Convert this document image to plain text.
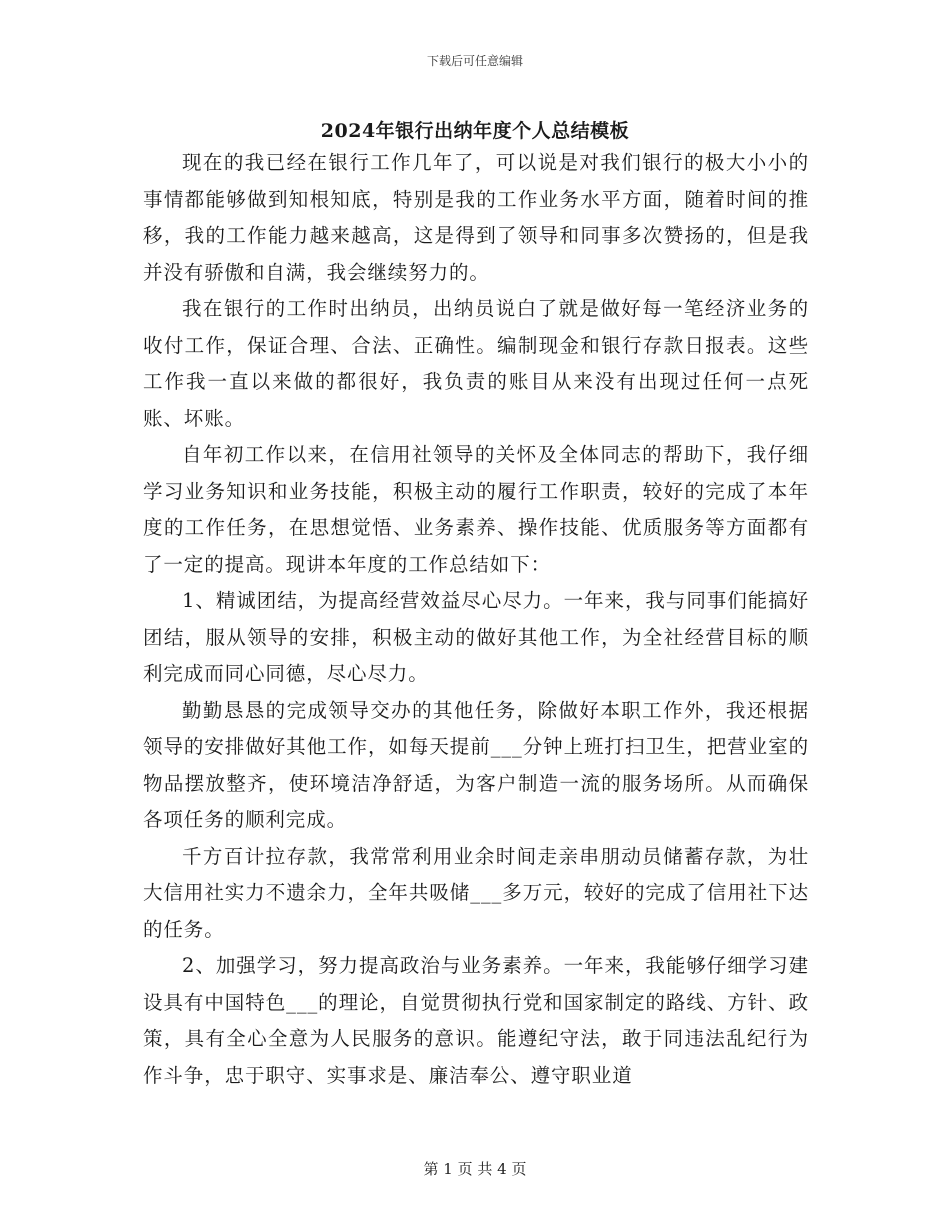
下载后可任意编辑
2024年银行出纳年度个人总结模板

现在的我已经在银行工作几年了，可以说是对我们银行的极大小小的事情都能够做到知根知底，特别是我的工作业务水平方面，随着时间的推移，我的工作能力越来越高，这是得到了领导和同事多次赞扬的，但是我并没有骄傲和自满，我会继续努力的。

我在银行的工作时出纳员，出纳员说白了就是做好每一笔经济业务的收付工作，保证合理、合法、正确性。编制现金和银行存款日报表。这些工作我一直以来做的都很好，我负责的账目从来没有出现过任何一点死账、坏账。

自年初工作以来，在信用社领导的关怀及全体同志的帮助下，我仔细学习业务知识和业务技能，积极主动的履行工作职责，较好的完成了本年度的工作任务，在思想觉悟、业务素养、操作技能、优质服务等方面都有了一定的提高。现讲本年度的工作总结如下：

1、精诚团结，为提高经营效益尽心尽力。一年来，我与同事们能搞好团结，服从领导的安排，积极主动的做好其他工作，为全社经营目标的顺利完成而同心同德，尽心尽力。

勤勤恳恳的完成领导交办的其他任务，除做好本职工作外，我还根据领导的安排做好其他工作，如每天提前___分钟上班打扫卫生，把营业室的物品摆放整齐，使环境洁净舒适，为客户制造一流的服务场所。从而确保各项任务的顺利完成。

千方百计拉存款，我常常利用业余时间走亲串朋动员储蓄存款，为壮大信用社实力不遗余力，全年共吸储___多万元，较好的完成了信用社下达的任务。

2、加强学习，努力提高政治与业务素养。一年来，我能够仔细学习建设具有中国特色___的理论，自觉贯彻执行党和国家制定的路线、方针、政策，具有全心全意为人民服务的意识。能遵纪守法，敢于同违法乱纪行为作斗争，忠于职守、实事求是、廉洁奉公、遵守职业道

第 1 页 共 4 页
